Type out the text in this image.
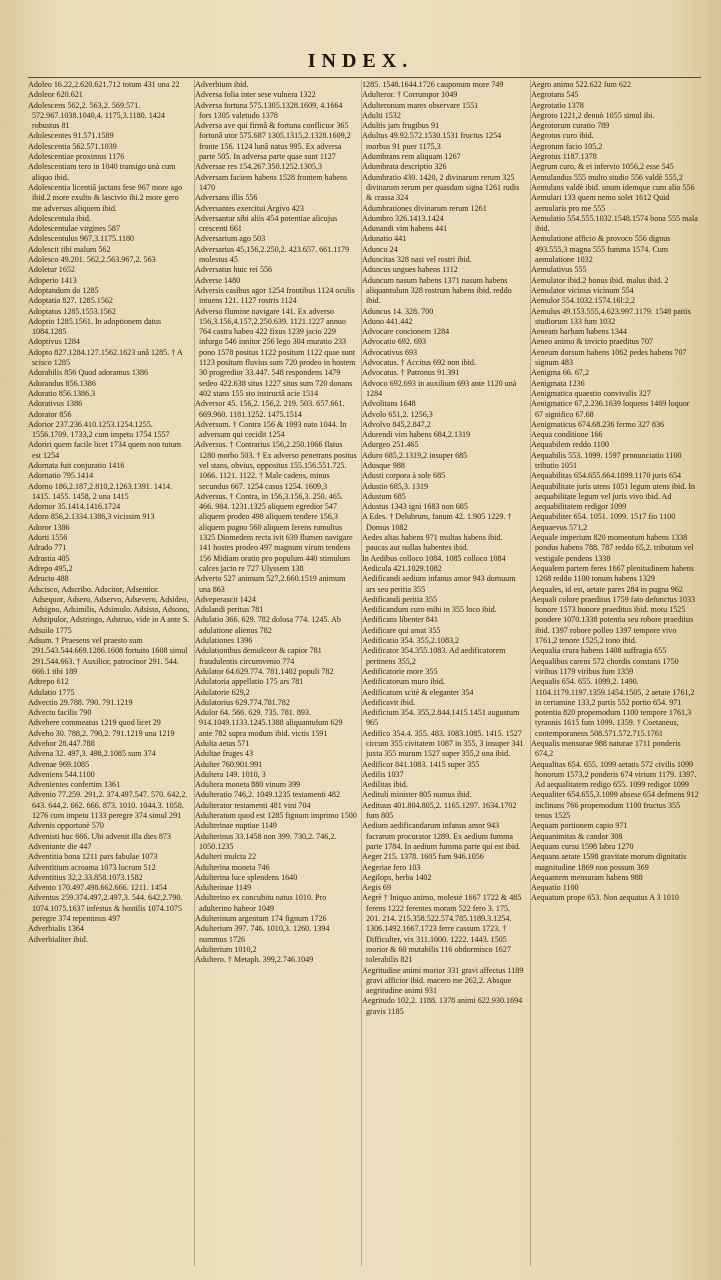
INDEX.
Adoleo 16.22,2.620.621.712 totum 431 una 22
Adoleor 620.621
Adolescens 562,2. 563,2. 569.571. 572.967.1038.1040,4. 1175,3.1180. 1424 robustus 81
Adolescentes 91.571.1589
Adolescentia 562.571.1039
Adolescentiae proximus 1176
Adolescentiam tero in 1040 transigo unà cum aliquo ibid.
Adolescentia licentiâ jactans fese 967 more ago ibid.2 more exulto & lascivio ibi.2 more gero me adversus aliquem ibid.
Adolescentula ibid.
Adolescentulae virgines 587
Adolescentulus 967,3.1175.1180
Adolescit tibi malum 562
Adolesco 49.201. 562,2.563.967,2. 563
Adoletur 1652
Adoperio 1413
Adoptandum do 1285
Adoptatio 827. 1285.1562
Adoptatus 1285.1553.1562
Adoptio 1285.1561. In adoptionem datus 1084.1285
Adoptivus 1284
Adopto 827.1284.127.1562.1623 unâ 1285. † A scisco 1285
Adorabilis 856 Quod adoramus 1386
Adorandus 856.1386
Adoratio 856.1386.3
Adorativus 1386
Adorator 856
Adorior 237.236.410.1253.1254.1255. 1556.1709. 1733,2 cum impetu 1754 1557
Adoriri quem facile licet 1734 quem non tutum est 1254
Adornata fuit conjuratio 1416
Adornatio 795.1414
Adorno 186,2.187,2.810,2.1263.1391. 1414. 1415. 1455. 1458, 2 una 1415
Adornor 35.1414.1416.1724
Adoro 856,2.1334.1386,3 vicissim 913
Adoror 1386
Adorti 1556
Adrado 771
Adrastia 405
Adrepo 495,2
Adructo 488
Adscisco, Adscribo. Adscitor, Adsentior. Adsequor, Adsero, Adservo, Adsevero, Adsideo, Adsigno, Adsimilis, Adsimulo. Adsisto, Adsono, Adstipulor, Adstringo, Adstruo, vide in A ante S.
Adsuilo 1775
Adsum. † Praesens vel praesto sum 291.543.544.669.1286.1608 fortuito 1608 simul 291.544.663. † Auxilior, patrocinor 291. 544. 666.1 tibi 189
Adtrepo 612
Adulatio 1775
Advectio 29.788. 790. 791.1219
Advectu facilis 790
Advehere commeatus 1219 quod licet 29
Adveho 30. 788,2. 790,2. 791.1219 una 1219
Advehor 28.447.788
Advena 32. 497,3. 498,2.1085 sum 374
Advenae 969.1085
Adveniens 544.1100
Advenientes confertim 1361
Advenio 77.259. 291,2. 374.497.547. 570. 642,2. 643. 644,2. 662. 666. 873. 1010. 1044.3. 1058. 1276 cum impetu 1133 peregre 374 simul 291
Advenis opportunè 570
Advenisti huc 666. Ubi advenit illa dies 873
Adventante die 447
Adventitia bona 1211 pars fabulae 1073
Adventitium acroama 1073 lucrum 512
Adventitius 32,2.33.858.1073.1582
Advento 170.497.498.662.666. 1211. 1454
Adventus 259.374.497,2.497,3. 544. 642,2.790. 1074.1075.1637 infestus & hostilis 1074.1075 peregre 374 repentinus 497
Adverbialis 1364
Adverbialiter ibid.
Adverbium ibid.
Adversa folia inter sese vulnera 1322
Adversa fortuna 575.1305.1328.1609, 4.1664 fors 1305 valetudo 1378
Adversa ave qui firmâ & fortuna conflictor 365 fortunâ utor 575.687 1305.1315,2.1328.1609,2 fronte 156. 1124 lunâ natus 995. Ex adversa parte 505. In adversa parte quae sunt 1127
Adversae res 154.267.350.1252.1305,3
Adversam faciem habens 1528 frontem habens 1470
Adversans illis 556
Adversantes exercitui Argivo 423
Adversantur sibi aliis 454 potentiae alicujus crescenti 661
Adversarium ago 503
Adversarius 45,156,2.250,2. 423.657. 661.1179 molestus 45
Adversatus huic rei 556
Adverse 1480
Adversis casibus agor 1254 frontibus 1124 oculis intuens 121. 1127 rostris 1124
Adverso flumine navigare 141. Ex adverso 156,3.156,4.157,2.250.639. 1121.1227 annuo 764 castra habeo 422 fixus 1239 jacio 229 infurgo 546 innitor 256 lego 304 muratio 233 pono 1578 positus 1122 positum 1122 quae sunt 1123 positum fluvius sum 720 prodeo in hostem 30 progredior 33.447. 548 respondens 1479 sedeo 422.638 situs 1227 situs sum 720 donans 402 stans 155 sto instructâ acie 1514
Adversor 45. 156,2. 156,2. 219. 503. 657.661. 669.960. 1181.1252. 1475.1514
Adversum. † Contra 156 & 1093 nato 1044. In adversum qui cecidit 1254
Adversus. † Contrarius 156,2.250.1066 flatus 1280 morbo 503. † Ex adverso penetrans positus vel stans, obvius, oppositus 155.156.551.725. 1066. 1121. 1122. † Male cadens, minus secundus 667. 1254 casus 1254. 1609,3
Adversus. † Contra, in 156,3.156,3. 250. 465. 466. 984. 1231.1325 aliquem egredior 547 aliquem prodeo 498 aliquem tendere 156,3 aliquem pugno 560 aliquem ferens rumultus 1325 Diomedem recta ivit 639 flumen navigare 141 hostes prodeo 497 magnum virum tendens 156 Midiam oratio pro populum 440 stimulum calces jacto re 727 Ulyssem 138
Adverto 527 animum 527,2.660.1519 animum una 863
Adveperascit 1424
Adulandi peritus 781
Adulatio 366. 629. 782 dolosa 774. 1245. Ab adulatione alienus 782
Adulationes 1396
Adulationibus demulceor & capior 781 fraudulentis circumvenio 774
Adulator 64.629.774. 781.1402 populi 782
Adulatoria appellatio 175 ars 781
Adulatorie 629,2
Adulatorius 629.774.781.782
Adulor 64. 566. 629. 735. 781. 893. 914.1049.1133.1245.1388 aliquantulum 629 ante 782 supra modum ibid. victis 1591
Adulta aetas 571
Adultae fruges 43
Adulter 760.901.991
Adultera 149. 1010, 3
Adultera moneta 880 vinum 399
Adulteratio 746,2. 1049.1235 testamenti 482
Adulterator testamenti 481 vini 704
Adulteratum quod est 1285 fignum imprimo 1500
Adulterinae nuptiae 1149
Adulterinus 33.1458 non 399. 730,2. 746,2. 1050.1235
Adulteri mulcta 22
Adulterina moneta 746
Adulterina luce splendens 1640
Adulterinae 1149
Adulterino ex concubitu natus 1010. Pro adulterino habeor 1049
Adulterinum argentum 174 fignum 1726
Adulterium 397. 746. 1010,3. 1260. 1394 nummus 1726
Adulterium 1010,2
Adultero. † Metaph. 399,2.746.1049
1285. 1548.1644.1726 cauponum more 749
Adulteror. † Corrumpor 1049
Adulteronum mares observare 1551
Adulti 1532
Adultis jam frugibus 91
Adultus 49.92.572.1530.1531 fructus 1254 morbus 91 puer 1175,3
Adumbrans rem aliquam 1267
Adumbrata descriptio 326
Adumbratio 430. 1420, 2 divinarum rerum 325 divinarum rerum per quasdam signa 1261 rudis & crassa 324
Adumbrationes divinarum rerum 1261
Adumbro 326.1413.1424
Adunandi vim habens 441
Adunatio 441
Adunco 24
Aduncitas 328 nasi vel rostri ibid.
Aduncus ungues habens 1112
Aduncum nasum habens 1371 nasum habens aliquantulum 328 rostrum habens ibid. reddo ibid.
Aduncus 14. 328. 700
Aduno 441.442
Advocare concionem 1284
Advocatio 692. 693
Advocativus 693
Advocatus. † Accitus 692 non ibid.
Advocatus. † Patronus 91.391
Advoco 692.693 in auxilium 693 ante 1120 unà 1284
Advolitans 1648
Advolo 651,2. 1256,3
Advolvo 845,2.847,2
Adurendi vim habens 684,2.1319
Adurgeo 251.465
Aduro 685,2.1319,2 insuper 685
Adusque 988
Adusti corpora à sole 685
Adustio 685,3. 1319
Adustum 685
Adustus 1343 igni 1683 non 685
A Edes. † Delubrum, fanum 42. 1.905 1229. † Domus 1082
Aedes altas habens 971 multas habens ibid. paucas aut nullas habentes ibid.
In Aedibus colloco 1084. 1085 colloco 1084
Aedicula 421.1029.1082
Aedificandi aedium infanus amor 943 domuum ars seu peritia 355
Aedificandi peritia 355
Aedificandum curo mihi in 355 loco ibid.
Aedificans libenter 841
Aedificare qui amat 355
Aedificatio 354. 355,2.1083,2
Aedificator 354.355.1083. Ad aedificatorem pertinens 355,2
Aedificatorie more 355
Aedificatorum muro ibid.
Aedificatum scitè & eleganter 354
Aedificavit ibid.
Aedificium 354. 355,2.844.1415.1451 augustum 965
Aedifico 354.4. 355. 483. 1083.1085. 1415. 1527 circum 355 civitatem 1087 in 355, 3 insuper 341 juxta 355 murum 1527 super 355,2 una ibid.
Aedificor 841.1083. 1415 super 355
Aedilis 1037
Aedilitas ibid.
Aedituli minister 805 numus ibid.
Aedituus 401.804.805,2. 1165.1297. 1634.1702 fum 805
Aedium aedificandarum infanus amor 943 facrarum procurator 1289. Ex aedium fumma parte 1784. In aedium fumma parte qui est ibid.
Aeger 215. 1378. 1605 fum 946.1056
Aegeriae fero 103
Aegilops, herba 1402
Aegis 69
Aegrè † Iniquo animo, molestè 1667 1722 & 485 ferens 1222 ferentes moram 522 fero 3. 175. 201. 214. 215.358.522.574.785.1189.3.1254. 1306.1492.1667.1723 ferre cassum 1723. † Difficulter, vix 311.1000. 1222. 1443. 1505 morior & 60 mutabilis 116 obdormisco 1627 tolerabilis 821
Aegritudine animi morior 331 gravi affectus 1189 gravi afficior ibid. macero me 262,2. Absque aegritudine animi 931
Aegritudo 102,2. 1188. 1378 animi 622.930.1694 gravis 1185
Aegro animo 522.622 fum 622
Aegrotans 545
Aegrotatio 1378
Aegroto 1221,2 denuò 1055 simul ibi.
Aegrotorum curatio 789
Aegrotos curo ibid.
Aegrotum facio 105,2
Aegrotus 1187.1378
Aegrum curo, & ei infervio 1056,2 esse 545
Aemulandus 555 multo studio 556 valdè 555,2
Aemulans valdè ibid. unum idemque cum alio 556
Aemulari 133 quem nemo solet 1612 Quid aemularis pro me 555
Aemulatio 554.555.1032.1548.1574 bona 555 mala ibid.
Aemulatione afficio & provoco 556 dignus 493.555,3 magna 555 fumma 1574. Cum aemulatione 1032
Aemulativus 555
Aemulator ibid.2 bonus ibid. malus ibid. 2
Aemulator vicinus vicinum 554
Aemulor 554.1032.1574.16l:2,2
Aemulus 49.153.555,4.623.997.1179. 1548 pattis studiorum 133 fum 1032
Aeneam barbam habens 1344
Aeneo animo & invicto praeditus 707
Aeneum dorsum habens 1062 pedes habens 707 signum 483
Aenigma 66. 67,2
Aenigmata 1236
Aenigmatica quaestio convivalis 327
Aenigmatice 67,2.236.1639 loquens 1469 loquor 67 significo 67.68
Aenigmaticus 674.68.236 fermo 327 836
Aequa conditione 166
Aequabilem reddo 1100
Aequabilis 553. 1099. 1597 pronunciatio 1100 tributio 1051
Aequabilitas 654.655.664.1099.1170 juris 654
Aequabilitate juris utens 1051 legum utens ibid. In aequabilitate legum vel juris vivo ibid. Ad aequabilitatem redigor 1099
Aequabiliter 654. 1051. 1099. 1517 fio 1100
Aequaevus 571,2
Aequale imperium 820 momentum habens 1338 pondus habens 788. 787 reddo 65,2. tributum vel vestigale pendens 1338
Aequalem partem feres 1667 plenitudinem habens 1268 reddo 1100 tonum habens 1329
Aequales, id est, aetate pares 284 in pugna 962
Aequali colore praeditus 1759 fato defunctus 1033 honore 1573 honore praeditus ibid. motu 1525 pondere 1070.1338 potentia seu robore praeditus ibid. 1397 robore polleo 1397 tempore vivo 1761,2 tenore 1525,2 tono ibid.
Aequalia crura habens 1408 suffragia 655
Aequalibus carens 572 chordis constans 1750 viribus 1179 viribus fum 1359
Aequalis 654. 655. 1099,2. 1490. 1104.1179.1197.1359.1454.1505, 2 aetate 1761,2 in certamine 133,2 partis 552 portio 654. 971 potentia 820 propemodum 1100 tempore 1761,3 tyrannis 1615 fum 1099. 1359. † Coetaneus, contemporaneus 508.571.572.715.1761
Aequalis mensurae 988 naturae 1711 ponderis 674,2
Aequalitas 654. 655. 1099 aetatis 572 civilis 1099 honorum 1573,2 ponderis 674 virium 1179. 1397. Ad aequalitatem redigo 655. 1099 redigor 1099
Aequaliter 654.655,3.1099 absese 654 defmens 912 inclinans 766 propemodum 1100 fructus 355 tenus 1525
Aequam portionem capio 971
Aequanimitas & candor 308
Aequans cursu 1598 labra 1270
Aequans aetate 1598 gravitate morum dignitatis magnitudine 1869 non possum 369
Aequantem mensuram habens 988
Aequatio 1100
Aequatum prope 653. Non aequatus A 3 1010
